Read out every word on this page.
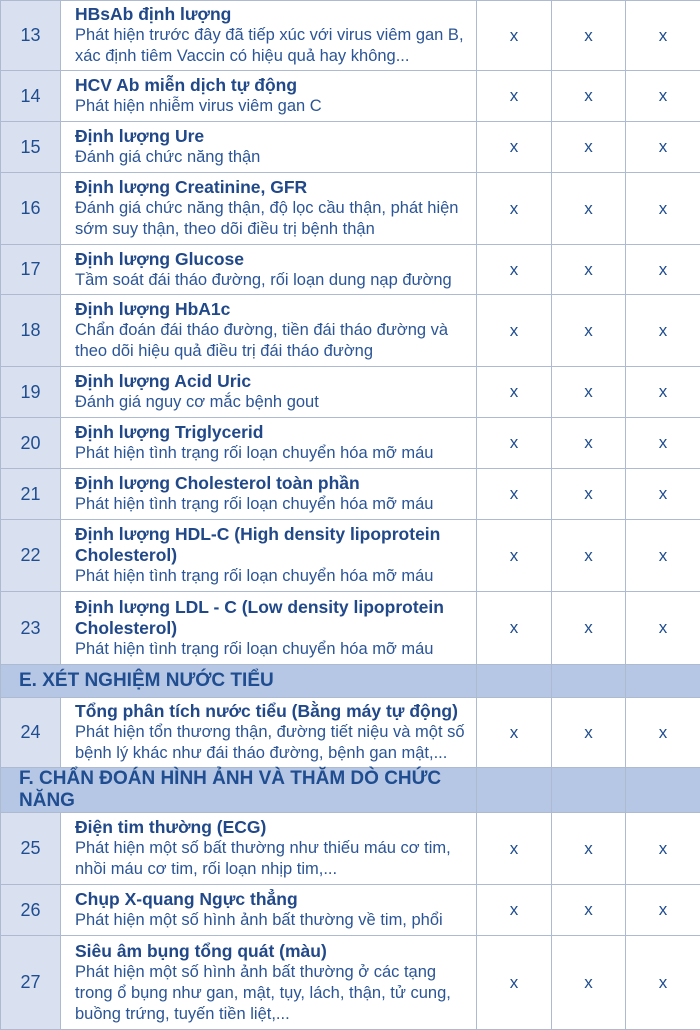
13	HBsAb định lượng
Phát hiện trước đây đã tiếp xúc với virus viêm gan B, xác định tiêm Vaccin có hiệu quả hay không...	x	x	x
14	HCV Ab miễn dịch tự động
Phát hiện nhiễm virus viêm gan C	x	x	x
15	Định lượng Ure
Đánh giá chức năng thận	x	x	x
16	Định lượng Creatinine, GFR
Đánh giá chức năng thận, độ lọc cầu thận, phát hiện sớm suy thận, theo dõi điều trị bệnh thận	x	x	x
17	Định lượng Glucose
Tầm soát đái tháo đường, rối loạn dung nạp đường	x	x	x
18	Định lượng HbA1c
Chẩn đoán đái tháo đường, tiền đái tháo đường và theo dõi hiệu quả điều trị đái tháo đường	x	x	x
19	Định lượng Acid Uric
Đánh giá nguy cơ mắc bệnh gout	x	x	x
20	Định lượng Triglycerid
Phát hiện tình trạng rối loạn chuyển hóa mỡ máu	x	x	x
21	Định lượng Cholesterol toàn phần
Phát hiện tình trạng rối loạn chuyển hóa mỡ máu	x	x	x
22	Định lượng HDL-C (High density lipoprotein Cholesterol)
Phát hiện tình trạng rối loạn chuyển hóa mỡ máu	x	x	x
23	Định lượng LDL - C (Low density lipoprotein Cholesterol)
Phát hiện tình trạng rối loạn chuyển hóa mỡ máu	x	x	x
E. XÉT NGHIỆM NƯỚC TIỂU				
24	Tổng phân tích nước tiểu (Bằng máy tự động)
Phát hiện tổn thương thận, đường tiết niệu và một số bệnh lý khác như đái tháo đường, bệnh gan mật,...	x	x	x
F. CHẨN ĐOÁN HÌNH ẢNH VÀ THĂM DÒ CHỨC NĂNG				
25	Điện tim thường (ECG)
Phát hiện một số bất thường như thiếu máu cơ tim, nhồi máu cơ tim, rối loạn nhịp tim,...	x	x	x
26	Chụp X-quang Ngực thẳng
Phát hiện một số hình ảnh bất thường về tim, phổi	x	x	x
27	Siêu âm bụng tổng quát (màu)
Phát hiện một số hình ảnh bất thường ở các tạng trong ổ bụng như gan, mật, tụy, lách, thận, tử cung, buồng trứng, tuyến tiền liệt,...	x	x	x
